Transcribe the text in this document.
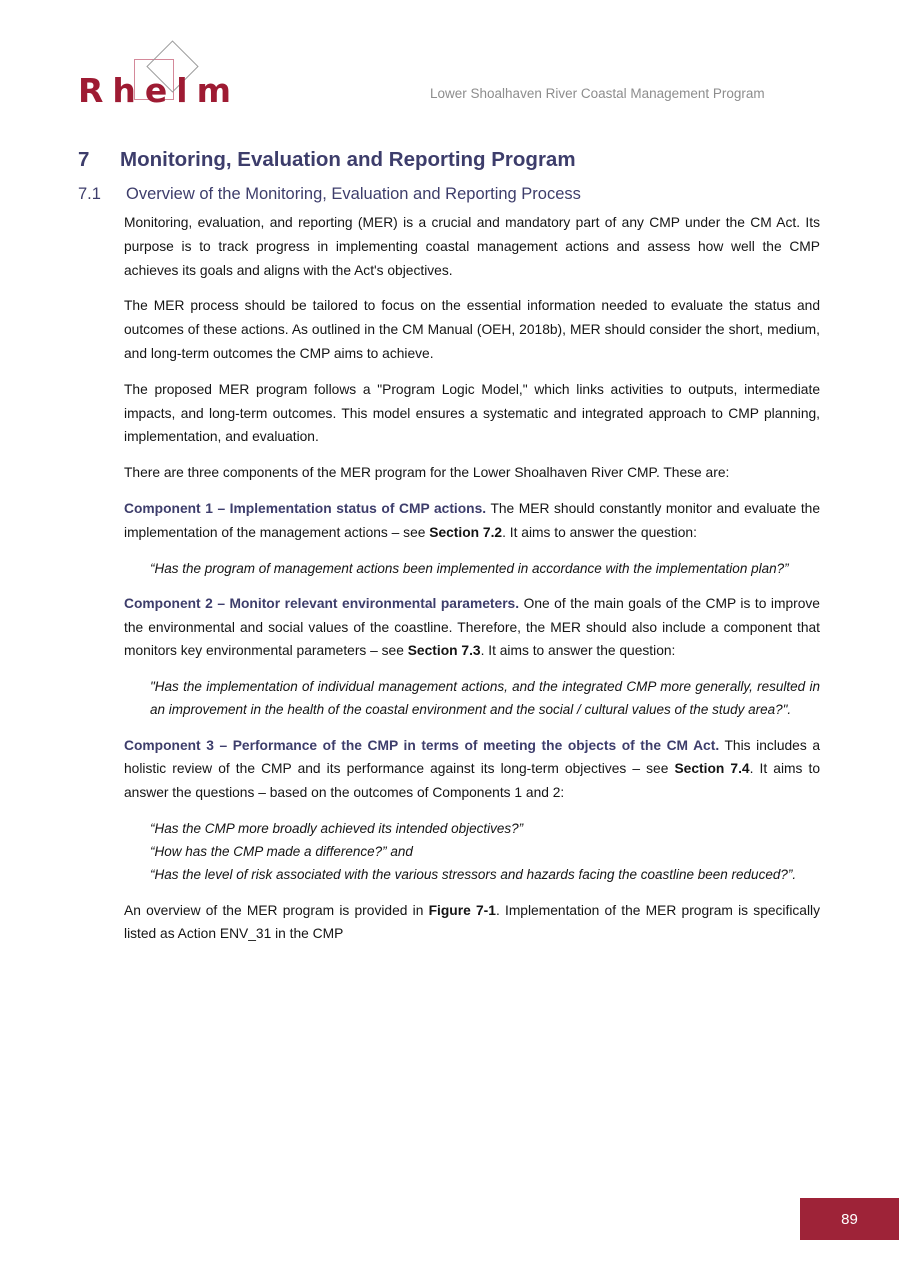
Rhelm	Lower Shoalhaven River Coastal Management Program
7	Monitoring, Evaluation and Reporting Program
7.1	Overview of the Monitoring, Evaluation and Reporting Process

Monitoring, evaluation, and reporting (MER) is a crucial and mandatory part of any CMP under the CM Act. Its purpose is to track progress in implementing coastal management actions and assess how well the CMP achieves its goals and aligns with the Act's objectives.

The MER process should be tailored to focus on the essential information needed to evaluate the status and outcomes of these actions. As outlined in the CM Manual (OEH, 2018b), MER should consider the short, medium, and long-term outcomes the CMP aims to achieve.

The proposed MER program follows a "Program Logic Model," which links activities to outputs, intermediate impacts, and long-term outcomes. This model ensures a systematic and integrated approach to CMP planning, implementation, and evaluation.

There are three components of the MER program for the Lower Shoalhaven River CMP. These are:

Component 1 – Implementation status of CMP actions. The MER should constantly monitor and evaluate the implementation of the management actions – see Section 7.2. It aims to answer the question:

“Has the program of management actions been implemented in accordance with the implementation plan?”

Component 2 – Monitor relevant environmental parameters. One of the main goals of the CMP is to improve the environmental and social values of the coastline. Therefore, the MER should also include a component that monitors key environmental parameters – see Section 7.3. It aims to answer the question:

"Has the implementation of individual management actions, and the integrated CMP more generally, resulted in an improvement in the health of the coastal environment and the social / cultural values of the study area?".

Component 3 – Performance of the CMP in terms of meeting the objects of the CM Act. This includes a holistic review of the CMP and its performance against its long-term objectives – see Section 7.4. It aims to answer the questions – based on the outcomes of Components 1 and 2:

“Has the CMP more broadly achieved its intended objectives?”

“How has the CMP made a difference?” and

“Has the level of risk associated with the various stressors and hazards facing the coastline been reduced?”.

An overview of the MER program is provided in Figure 7-1. Implementation of the MER program is specifically listed as Action ENV_31 in the CMP

89
